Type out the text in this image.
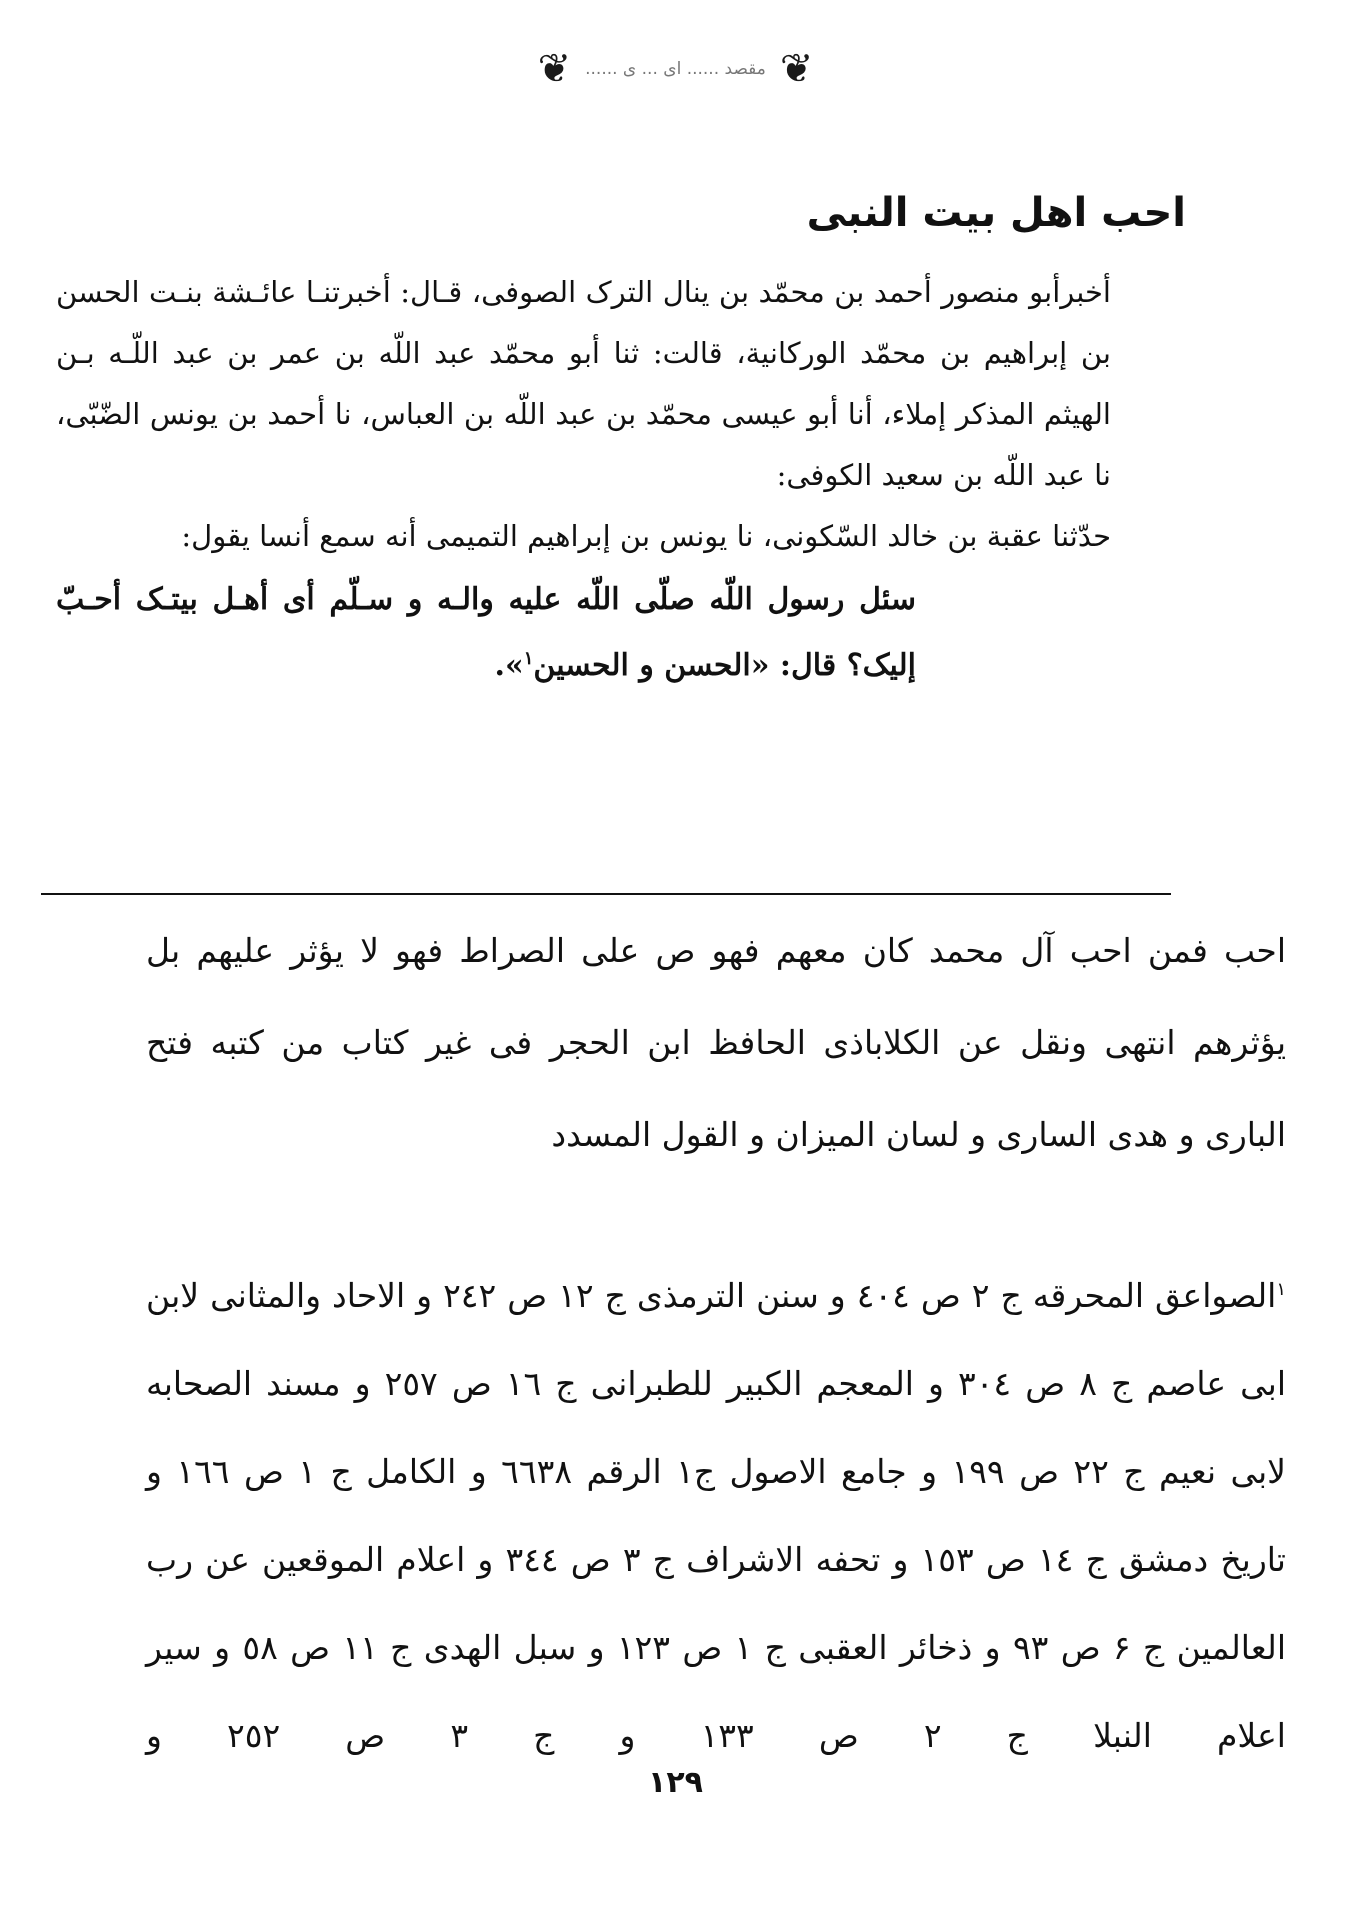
❦
مقصد ...... ای ... ی ......
❦
احب اهل بيت النبى

أخبرأبو منصور أحمد بن محمّد بن ينال الترک الصوفى، قـال: أخبرتنـا عائـشة بنـت الحسن بن إبراهيم بن محمّد الوركانية، قالت: ثنا أبو محمّد عبد اللّه بن عمر بن عبد اللّـه بـن الهيثم المذكر إملاء، أنا أبو عيسى محمّد بن عبد اللّه بن العباس، نا أحمد بن يونس الضّبّى، نا عبد اللّه بن سعيد الكوفى:

حدّثنا عقبة بن خالد السّكونى، نا يونس بن إبراهيم التميمى أنه سمع أنسا يقول:

سئل رسول اللّه صلّى اللّه عليه والـه و سـلّم أى أهـل بيتـک أحـبّ إليک؟ قال: «الحسن و الحسين$^١$».

احب فمن احب آل محمد كان معهم فهو ص على الصراط فهو لا يؤثر عليهم بل يؤثرهم انتهى ونقل عن الكلاباذى الحافظ ابن الحجر فى غير كتاب من كتبه فتح البارى و هدى السارى و لسان الميزان و القول المسدد

$^١$الصواعق المحرقه ج ٢ ص ٤٠٤ و سنن الترمذى ج ١٢ ص ٢٤٢ و الاحاد والمثانى لابن ابى عاصم ج ٨ ص ٣٠٤ و المعجم الكبير للطبرانى ج ١٦ ص ٢٥٧ و مسند الصحابه لابى نعيم ج ٢٢ ص ١٩٩ و جامع الاصول ج١ الرقم ٦٦٣٨ و الكامل ج ١ ص ١٦٦ و تاريخ دمشق ج ١٤ ص ١٥٣ و تحفه الاشراف ج ٣ ص ٣٤٤ و اعلام الموقعين عن رب العالمين ج ۶ ص ٩٣ و ذخائر العقبى ج ١ ص ١٢٣ و سبل الهدى ج ١١ ص ٥٨ و سير اعلام النبلا ج ٢ ص ١٣٣ و ج ٣ ص ٢٥٢ و

١٢٩
